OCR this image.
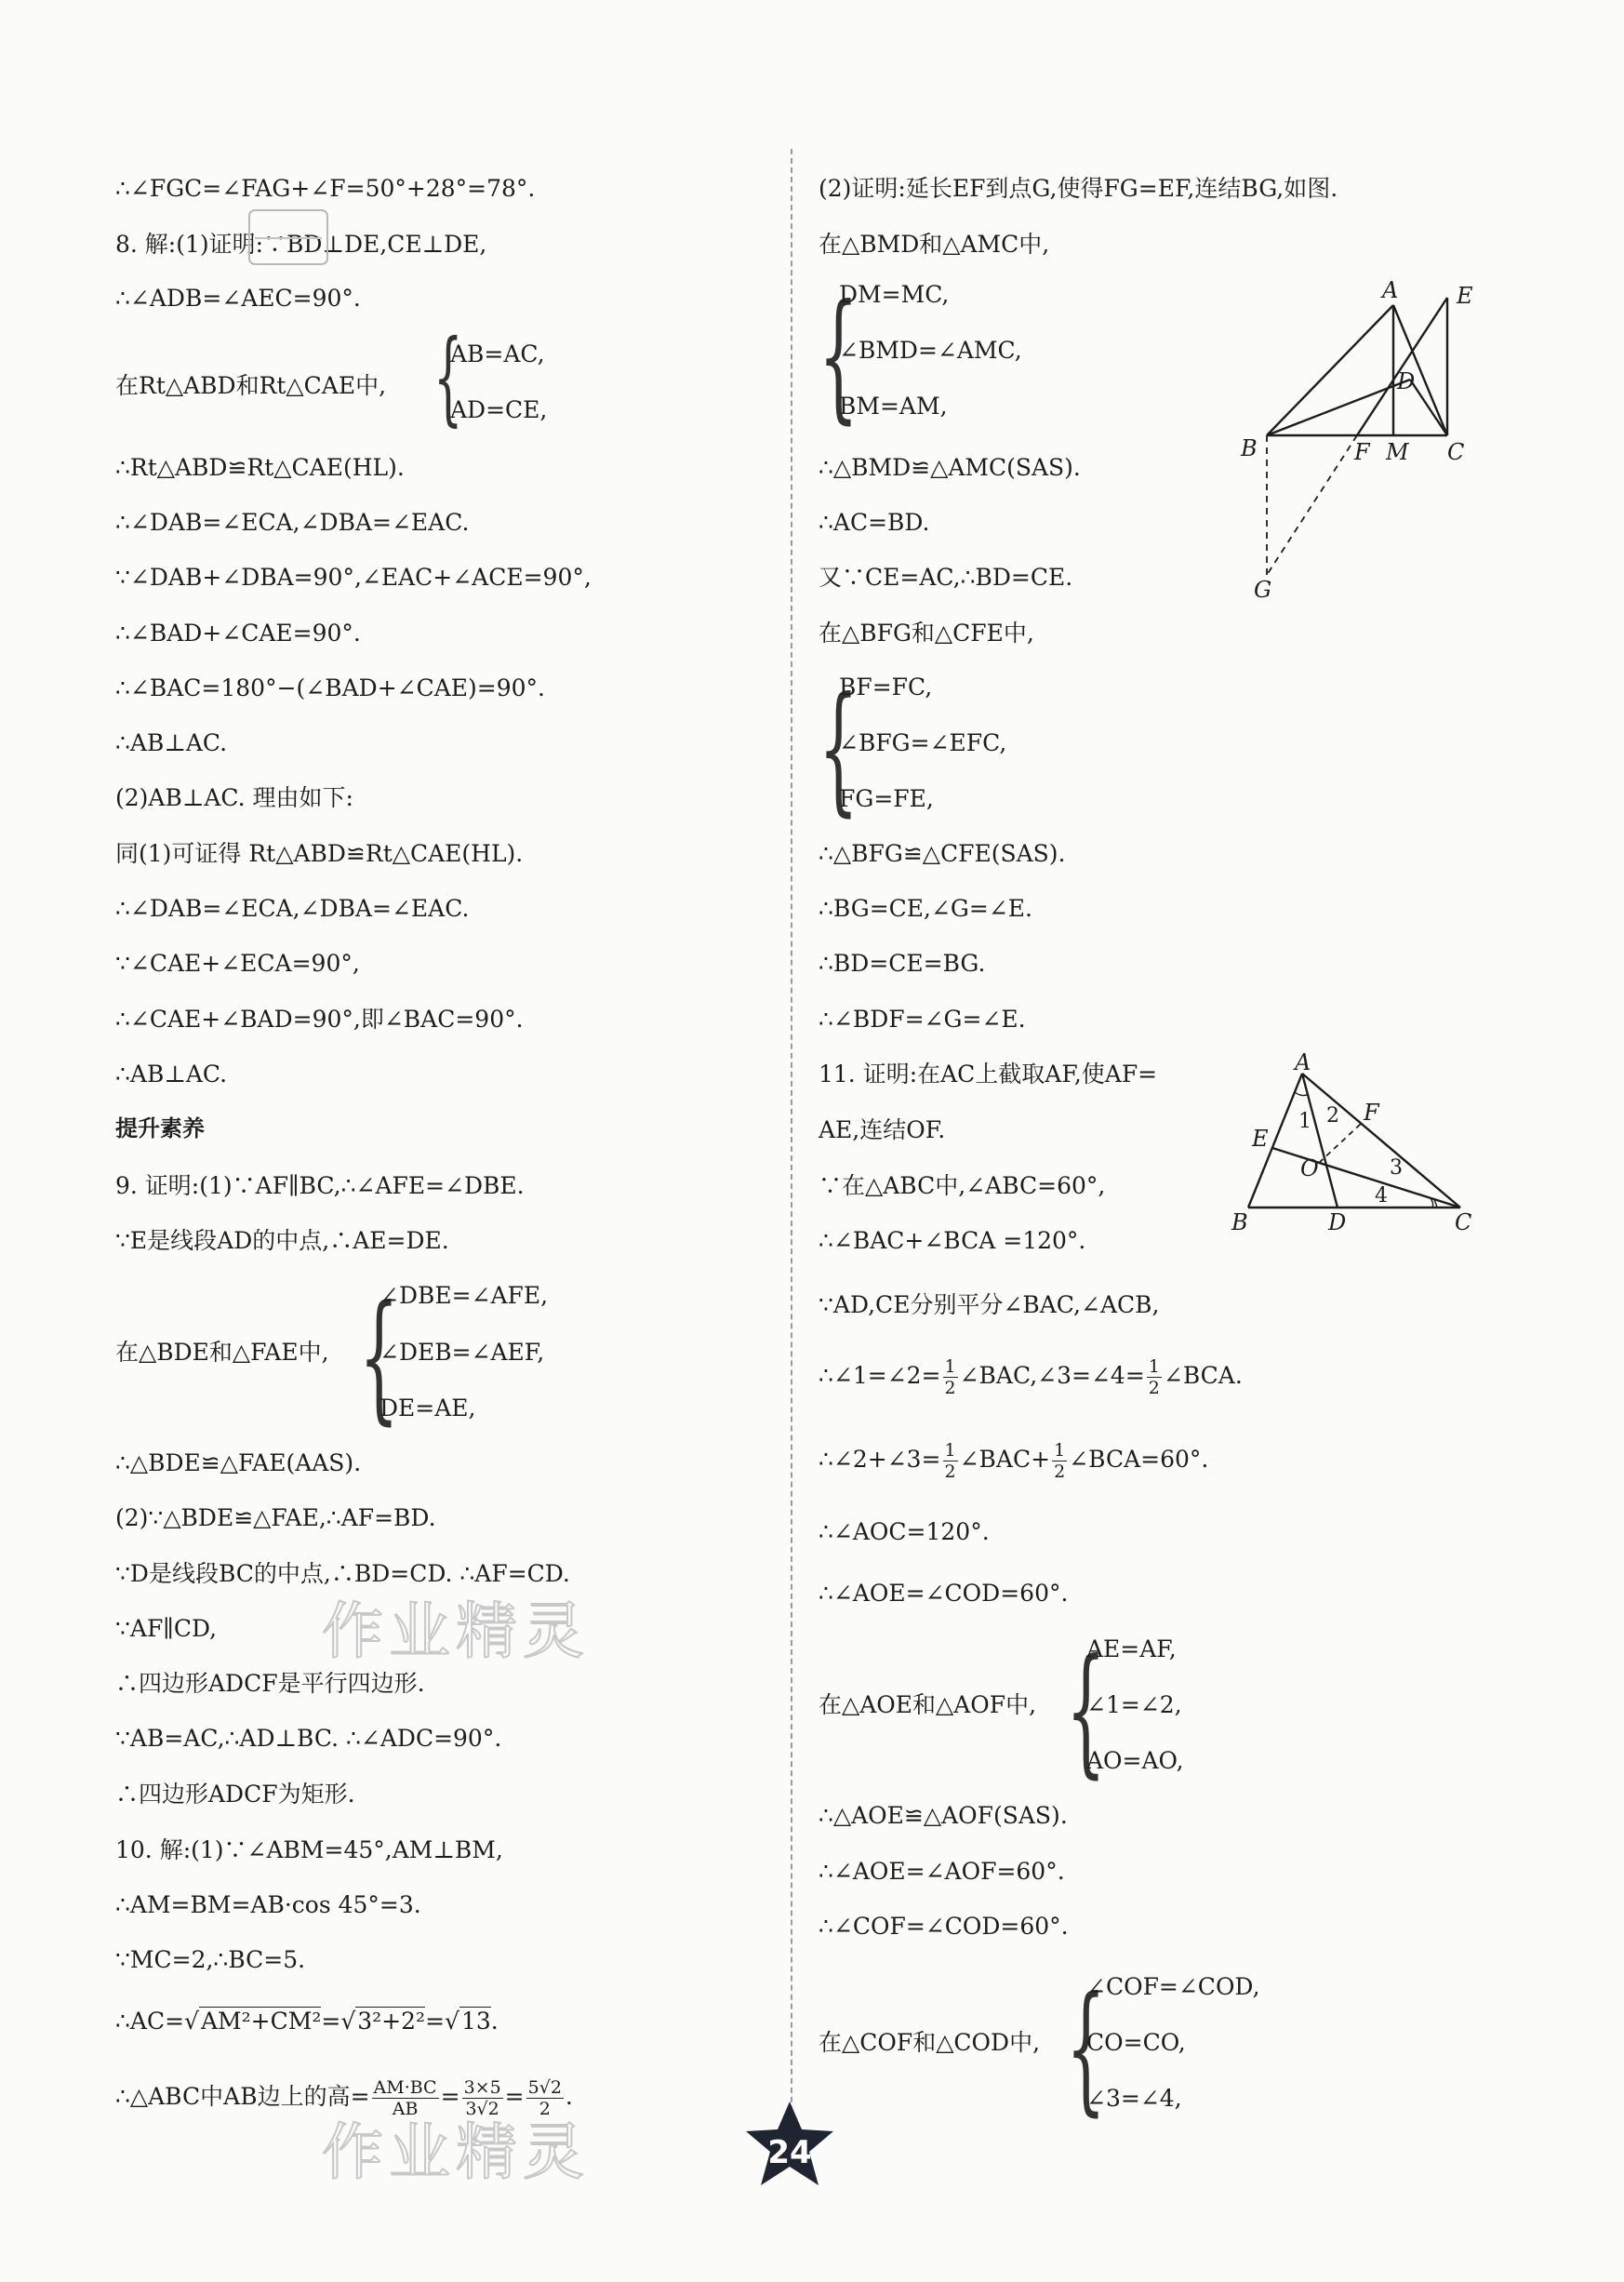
∴∠FGC=∠FAG+∠F=50°+28°=78°.
8. 解:(1)证明:∵BD⊥DE,CE⊥DE,
∴∠ADB=∠AEC=90°.
在Rt△ABD和Rt△CAE中, {
AB=AC,
AD=CE,
∴Rt△ABD≌Rt△CAE(HL).
∴∠DAB=∠ECA,∠DBA=∠EAC.
∵∠DAB+∠DBA=90°,∠EAC+∠ACE=90°,
∴∠BAD+∠CAE=90°.
∴∠BAC=180°−(∠BAD+∠CAE)=90°.
∴AB⊥AC.
(2)AB⊥AC. 理由如下:
同(1)可证得 Rt△ABD≌Rt△CAE(HL).
∴∠DAB=∠ECA,∠DBA=∠EAC.
∵∠CAE+∠ECA=90°,
∴∠CAE+∠BAD=90°,即∠BAC=90°.
∴AB⊥AC.
提升素养
9. 证明:(1)∵AF∥BC,∴∠AFE=∠DBE.
∵E是线段AD的中点,∴AE=DE.
在△BDE和△FAE中, {
∠DBE=∠AFE,
∠DEB=∠AEF,
DE=AE,
∴△BDE≌△FAE(AAS).
(2)∵△BDE≌△FAE,∴AF=BD.
∵D是线段BC的中点,∴BD=CD. ∴AF=CD.
∵AF∥CD,
∴四边形ADCF是平行四边形.
∵AB=AC,∴AD⊥BC. ∴∠ADC=90°.
∴四边形ADCF为矩形.
10. 解:(1)∵∠ABM=45°,AM⊥BM,
∴AM=BM=AB·cos 45°=3.
∵MC=2,∴BC=5.
∴AC=√AM²+CM²=√3²+2²=√13.
∴△ABC中AB边上的高= $\frac{AM\cdot BC}{AB} = \frac{3\times 5}{3√2} = \frac{5√2}{2}$ .
(2)证明:延长EF到点G,使得FG=EF,连结BG,如图.
在△BMD和△AMC中,
{
DM=MC,
∠BMD=∠AMC,
BM=AM,
∴△BMD≌△AMC(SAS).
∴AC=BD.
又∵CE=AC,∴BD=CE.
在△BFG和△CFE中,
{
BF=FC,
∠BFG=∠EFC,
FG=FE,
∴△BFG≌△CFE(SAS).
∴BG=CE,∠G=∠E.
∴BD=CE=BG.
∴∠BDF=∠G=∠E.
11. 证明:在AC上截取AF,使AF=
AE,连结OF.
∵在△ABC中,∠ABC=60°,
∴∠BAC+∠BCA =120°.
∵AD,CE分别平分∠BAC,∠ACB,
∴∠1=∠2= $\frac{1}{2}$ ∠BAC,∠3=∠4= $\frac{1}{2}$ ∠BCA.
∴∠2+∠3= $\frac{1}{2}$ ∠BAC+ $\frac{1}{2}$ ∠BCA=60°.
∴∠AOC=120°.
∴∠AOE=∠COD=60°.
在△AOE和△AOF中, {
AE=AF,
∠1=∠2,
AO=AO,
∴△AOE≌△AOF(SAS).
∴∠AOE=∠AOF=60°.
∴∠COF=∠COD=60°.
在△COF和△COD中, {
∠COF=∠COD,
CO=CO,
∠3=∠4,
A	E
D
B	F M C
G
A
E
F
O
B	D	C
1 2
3
4
作业精灵
作业精灵	24
